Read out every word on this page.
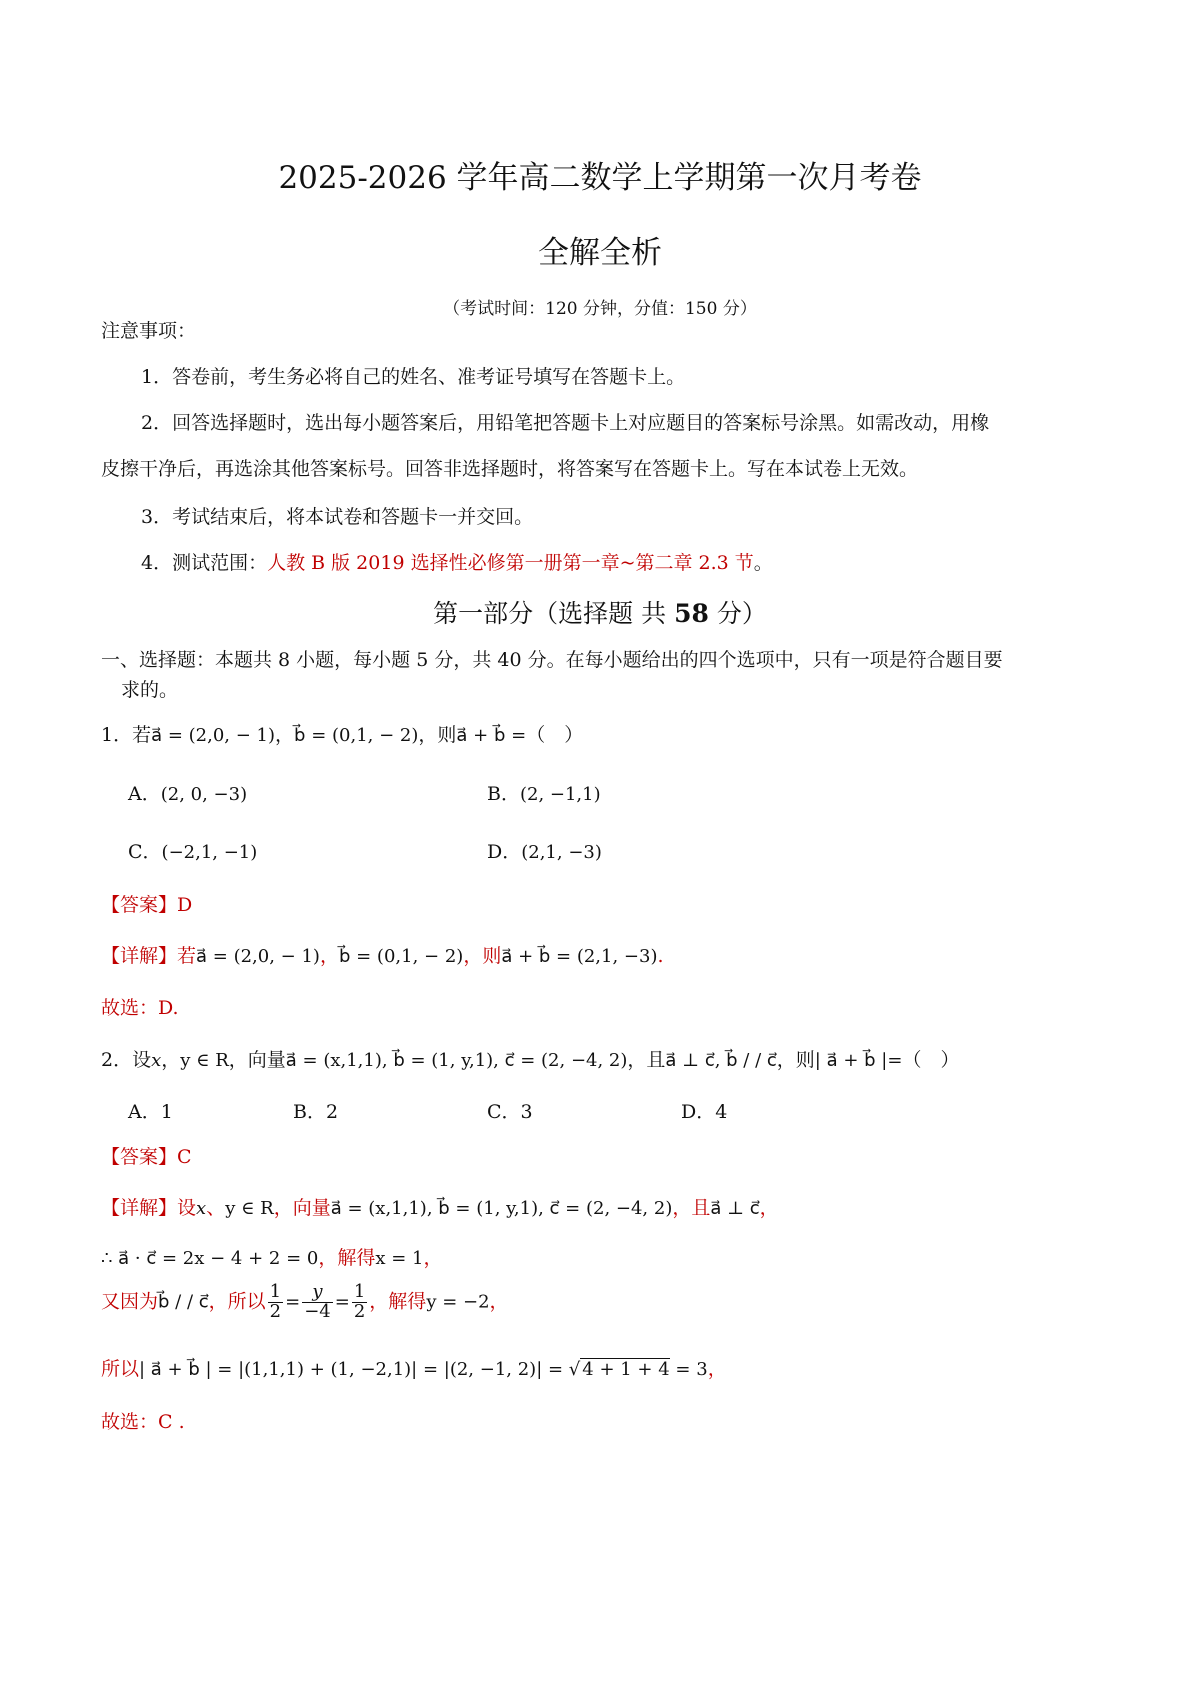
2025-2026 学年高二数学上学期第一次月考卷
全解全析
（考试时间：120 分钟，分值：150 分）
注意事项：
1．答卷前，考生务必将自己的姓名、准考证号填写在答题卡上。
2．回答选择题时，选出每小题答案后，用铅笔把答题卡上对应题目的答案标号涂黑。如需改动，用橡
皮擦干净后，再选涂其他答案标号。回答非选择题时，将答案写在答题卡上。写在本试卷上无效。
3．考试结束后，将本试卷和答题卡一并交回。
4．测试范围：人教 B 版 2019 选择性必修第一册第一章~第二章 2.3 节。
第一部分（选择题 共 58 分）
一、选择题：本题共 8 小题，每小题 5 分，共 40 分。在每小题给出的四个选项中，只有一项是符合题目要
求的。
1．若a⃗ = (2,0, − 1)，b⃗ = (0,1, − 2)，则a⃗ + b⃗ =（　）
A．(2, 0, −3)	B．(2, −1,1)
C．(−2,1, −1)	D．(2,1, −3)
【答案】D
【详解】若a⃗ = (2,0, − 1)，b⃗ = (0,1, − 2)，则a⃗ + b⃗ = (2,1, −3).
故选：D.
2．设x，y ∈ R，向量a⃗ = (x,1,1), b⃗ = (1, y,1), c⃗ = (2, −4, 2)，且a⃗ ⊥ c⃗, b⃗ / / c⃗，则| a⃗ + b⃗ |=（　）
A．1	B．2	C．3	D．4
【答案】C
【详解】设x、y ∈ R，向量a⃗ = (x,1,1), b⃗ = (1, y,1), c⃗ = (2, −4, 2)，且a⃗ ⊥ c⃗，
∴ a⃗ · c⃗ = 2x − 4 + 2 = 0，解得x = 1，
又因为b⃗ / / c⃗，所以 $\frac{1}{2} = \frac{y}{-4} = \frac{1}{2}$ ，解得y = −2，
所以| a⃗ + b⃗ | = |(1,1,1) + (1, −2,1)| = |(2, −1, 2)| = √ 4 + 1 + 4 = 3，
故选：C .
